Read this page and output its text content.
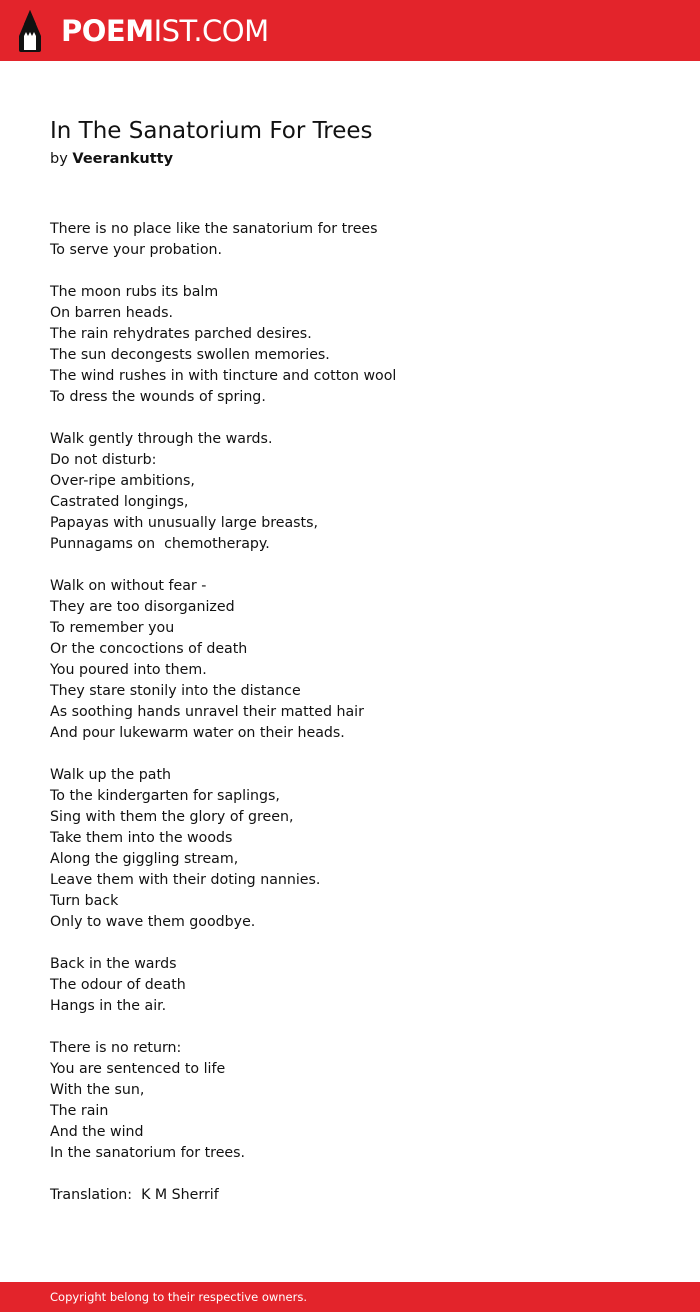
POEMIST.COM
In The Sanatorium For Trees
by Veerankutty
There is no place like the sanatorium for trees
To serve your probation.
The moon rubs its balm
On barren heads.
The rain rehydrates parched desires.
The sun decongests swollen memories.
The wind rushes in with tincture and cotton wool
To dress the wounds of spring.
Walk gently through the wards.
Do not disturb:
Over-ripe ambitions,
Castrated longings,
Papayas with unusually large breasts,
Punnagams on  chemotherapy.
Walk on without fear -
They are too disorganized
To remember you
Or the concoctions of death
You poured into them.
They stare stonily into the distance
As soothing hands unravel their matted hair
And pour lukewarm water on their heads.
Walk up the path
To the kindergarten for saplings,
Sing with them the glory of green,
Take them into the woods
Along the giggling stream,
Leave them with their doting nannies.
Turn back
Only to wave them goodbye.
Back in the wards
The odour of death
Hangs in the air.
There is no return:
You are sentenced to life
With the sun,
The rain
And the wind
In the sanatorium for trees.
Translation:  K M Sherrif
Copyright belong to their respective owners.
